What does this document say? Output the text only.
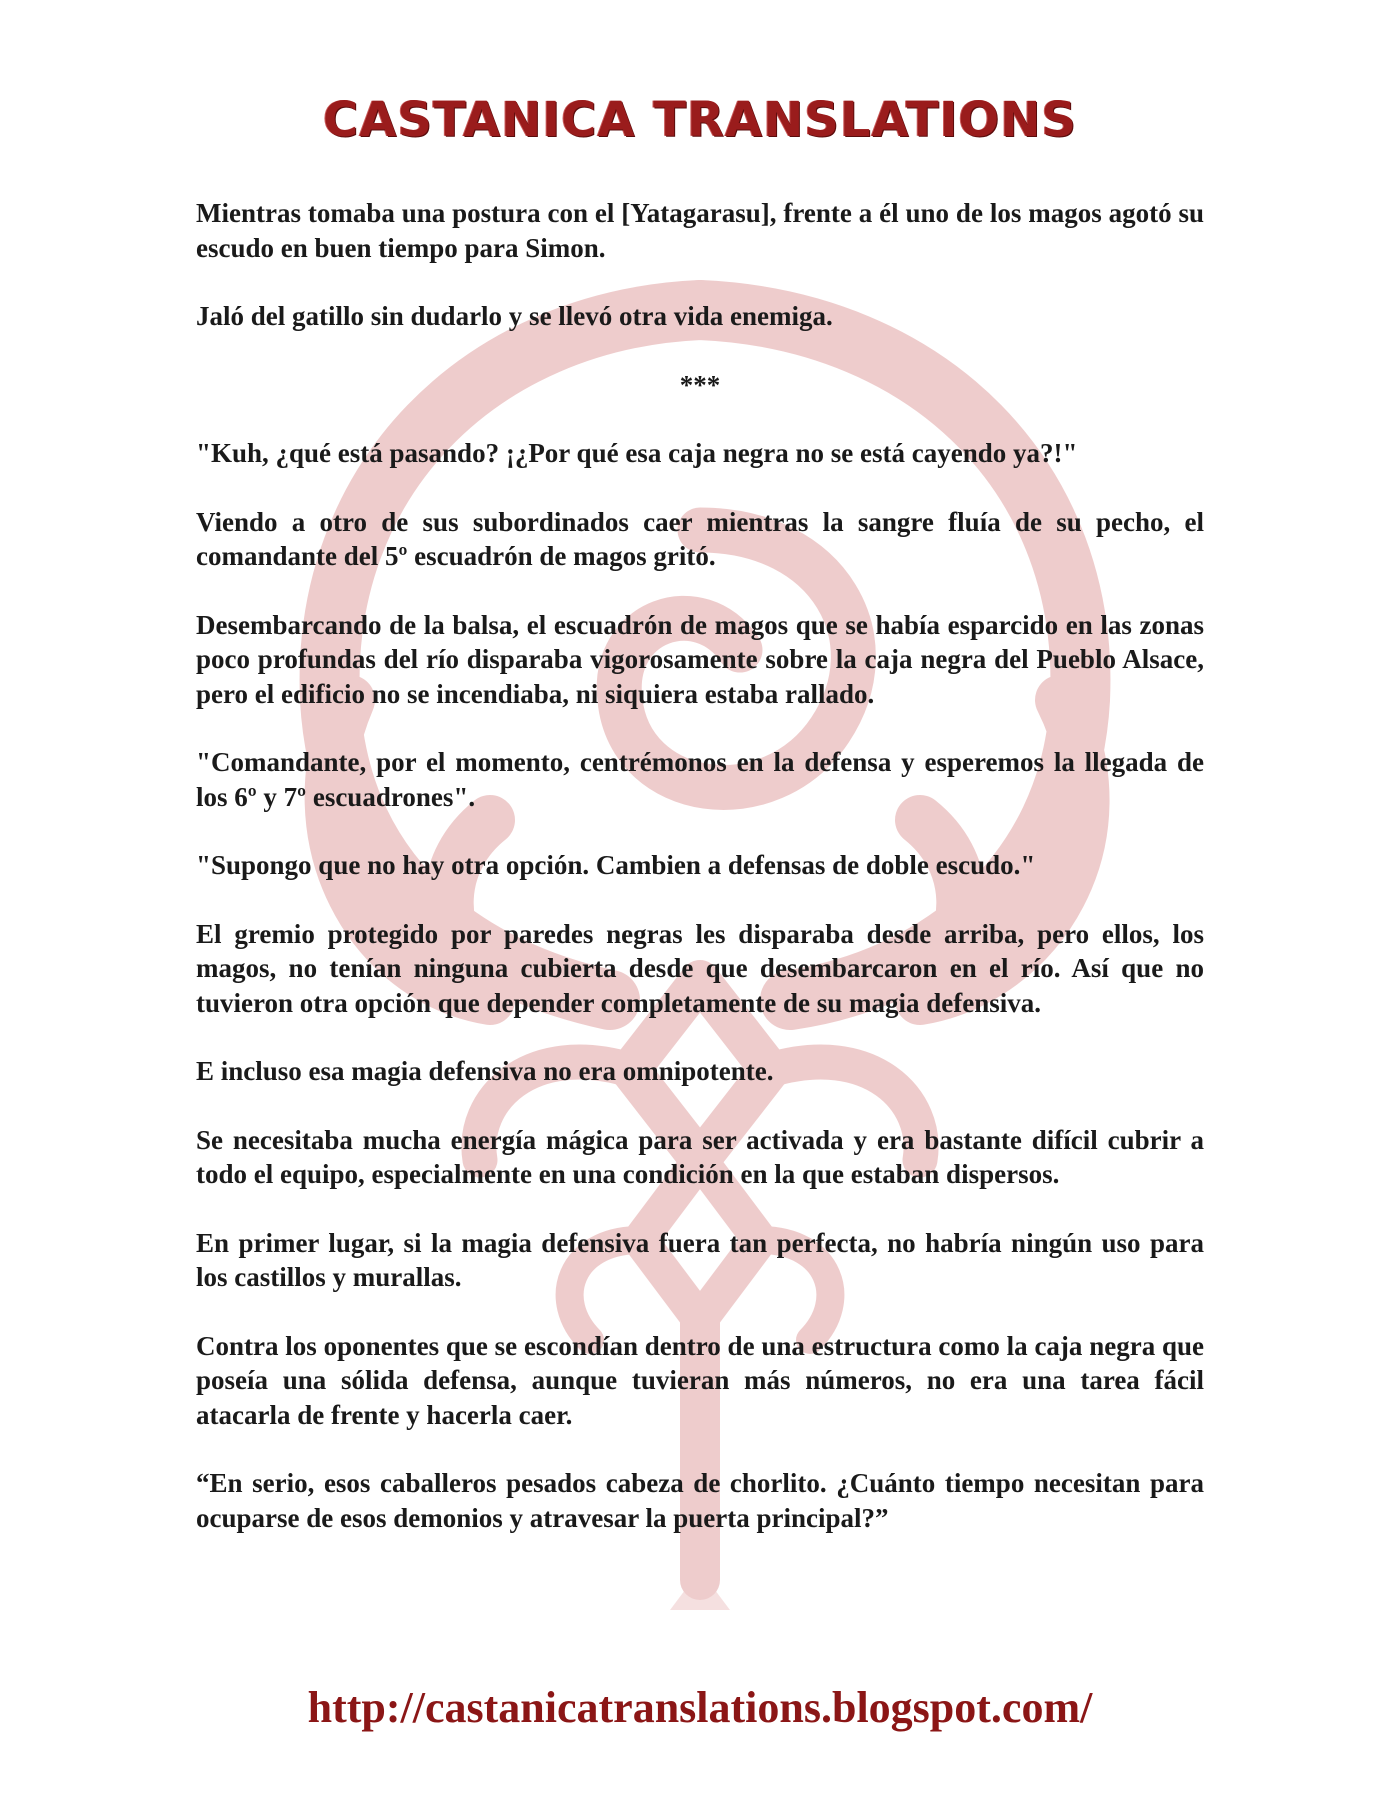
CASTANICA TRANSLATIONS

Mientras tomaba una postura con el [Yatagarasu], frente a él uno de los magos agotó su escudo en buen tiempo para Simon.

Jaló del gatillo sin dudarlo y se llevó otra vida enemiga.

***

"Kuh, ¿qué está pasando? ¡¿Por qué esa caja negra no se está cayendo ya?!"

Viendo a otro de sus subordinados caer mientras la sangre fluía de su pecho, el comandante del 5º escuadrón de magos gritó.

Desembarcando de la balsa, el escuadrón de magos que se había esparcido en las zonas poco profundas del río disparaba vigorosamente sobre la caja negra del Pueblo Alsace, pero el edificio no se incendiaba, ni siquiera estaba rallado.

"Comandante, por el momento, centrémonos en la defensa y esperemos la llegada de los 6º y 7º escuadrones".

"Supongo que no hay otra opción. Cambien a defensas de doble escudo."

El gremio protegido por paredes negras les disparaba desde arriba, pero ellos, los magos, no tenían ninguna cubierta desde que desembarcaron en el río. Así que no tuvieron otra opción que depender completamente de su magia defensiva.

E incluso esa magia defensiva no era omnipotente.

Se necesitaba mucha energía mágica para ser activada y era bastante difícil cubrir a todo el equipo, especialmente en una condición en la que estaban dispersos.

En primer lugar, si la magia defensiva fuera tan perfecta, no habría ningún uso para los castillos y murallas.

Contra los oponentes que se escondían dentro de una estructura como la caja negra que poseía una sólida defensa, aunque tuvieran más números, no era una tarea fácil atacarla de frente y hacerla caer.

“En serio, esos caballeros pesados cabeza de chorlito. ¿Cuánto tiempo necesitan para ocuparse de esos demonios y atravesar la puerta principal?”

http://castanicatranslations.blogspot.com/
